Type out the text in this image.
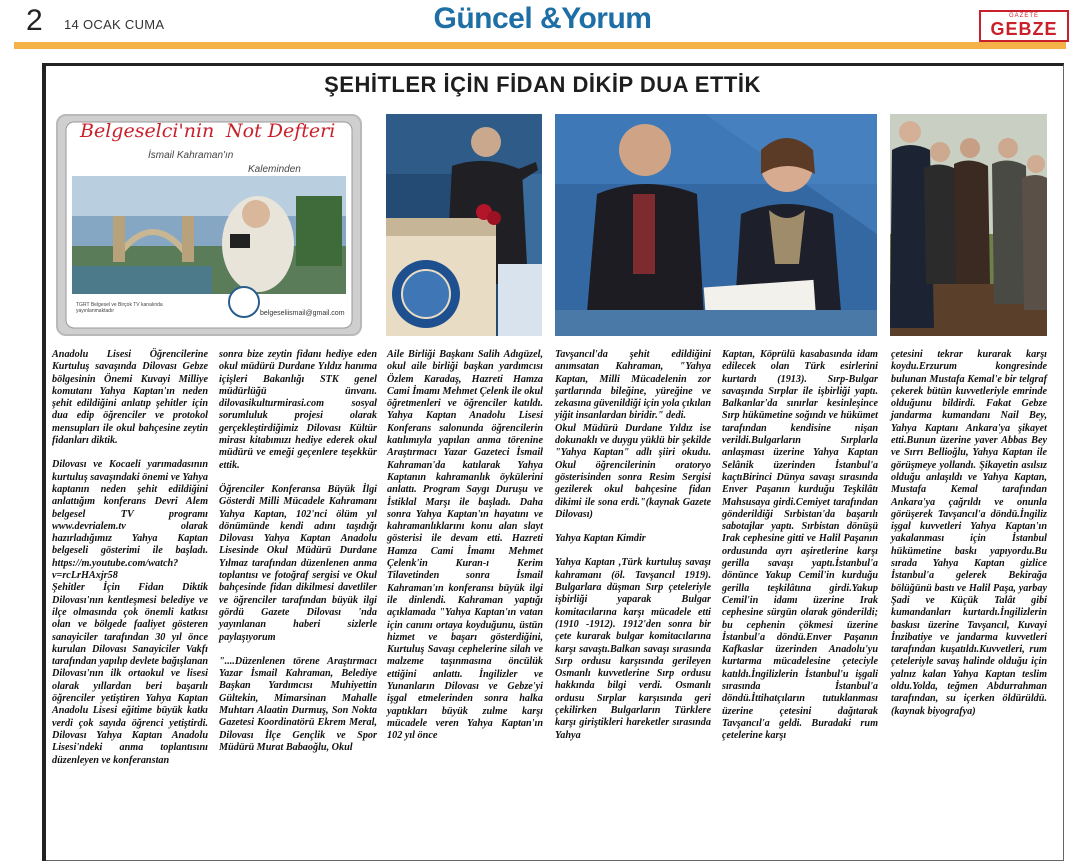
2 14 OCAK CUMA	Güncel &Yorum	GAZETE
GEBZE
ŞEHİTLER İÇİN FİDAN DİKİP DUA ETTİK
Belgeselci'nin Not Defteri
İsmail Kahraman'ın
Kaleminden
TGRT Belgesel ve Birçok TV kanalında yayınlanmaktadır	belgeseliismail@gmail.com

Anadolu Lisesi Öğrencilerine Kurtuluş savaşında Dilovası Gebze bölgesinin Önemi Kuvayi Milliye komutanı Yahya Kaptan'ın neden şehit edildiğini anlatıp şehitler için dua edip öğrenciler ve protokol mensupları ile okul bahçesine zeytin fidanları diktik.

Dilovası ve Kocaeli yarımadasının kurtuluş savaşındaki önemi ve Yahya kaptanın neden şehit edildiğini anlattığım konferans Devri Alem belgesel TV programı www.devrialem.tv olarak hazırladığımız Yahya Kaptan belgeseli gösterimi ile başladı. https://m.youtube.com/watch?v=rcLrHAxjr58

Şehitler İçin Fidan Diktik Dilovası'nın kentleşmesi belediye ve ilçe olmasında çok önemli katkısı olan ve bölgede faaliyet gösteren sanayiciler tarafından 30 yıl önce kurulan Dilovası Sanayiciler Vakfı tarafından yapılıp devlete bağışlanan Dilovası'nın ilk ortaokul ve lisesi olarak yıllardan beri başarılı öğrenciler yetiştiren Yahya Kaptan Anadolu Lisesi eğitime büyük katkı verdi çok sayıda öğrenci yetiştirdi. Dilovası Yahya Kaptan Anadolu Lisesi'ndeki anma toplantısını düzenleyen ve konferanstan

sonra bize zeytin fidanı hediye eden okul müdürü Durdane Yıldız hanıma içişleri Bakanlığı STK genel müdürlüğü ünvanı. dilovasikulturmirasi.com sosyal sorumluluk projesi olarak gerçekleştirdiğimiz Dilovası Kültür mirası kitabımızı hediye ederek okul müdürü ve emeği geçenlere teşekkür ettik.

Öğrenciler Konferansa Büyük İlgi Gösterdi Milli Mücadele Kahramanı Yahya Kaptan, 102'nci ölüm yıl dönümünde kendi adını taşıdığı Dilovası Yahya Kaptan Anadolu Lisesinde Okul Müdürü Durdane Yılmaz tarafından düzenlenen anma toplantısı ve fotoğraf sergisi ve Okul bahçesinde fidan dikilmesi davetliler ve öğrenciler tarafından büyük ilgi gördü Gazete Dilovası 'nda yayınlanan haberi sizlerle paylaşıyorum

"....Düzenlenen törene Araştırmacı Yazar İsmail Kahraman, Belediye Başkan Yardımcısı Muhiyettin Gültekin, Mimarsinan Mahalle Muhtarı Alaatin Durmuş, Son Nokta Gazetesi Koordinatörü Ekrem Meral, Dilovası İlçe Gençlik ve Spor Müdürü Murat Babaoğlu, Okul

Aile Birliği Başkanı Salih Adıgüzel, okul aile birliği başkan yardımcısı Özlem Karadaş, Hazreti Hamza Cami İmamı Mehmet Çelenk ile okul öğretmenleri ve öğrenciler katıldı. Yahya Kaptan Anadolu Lisesi Konferans salonunda öğrencilerin katılımıyla yapılan anma törenine Araştırmacı Yazar Gazeteci İsmail Kahraman'da katılarak Yahya Kaptanın kahramanlık öykülerini anlattı. Program Saygı Duruşu ve İstiklal Marşı ile başladı. Daha sonra Yahya Kaptan'ın hayatını ve kahramanlıklarını konu alan slayt gösterisi ile devam etti. Hazreti Hamza Cami İmamı Mehmet Çelenk'in Kuran-ı Kerim Tilavetinden sonra İsmail Kahraman'ın konferansı büyük ilgi ile dinlendi. Kahraman yaptığı açıklamada "Yahya Kaptan'ın vatan için canını ortaya koyduğunu, üstün hizmet ve başarı gösterdiğini, Kurtuluş Savaşı cephelerine silah ve malzeme taşınmasına öncülük ettiğini anlattı. İngilizler ve Yunanların Dilovası ve Gebze'yi işgal etmelerinden sonra halka yaptıkları büyük zulme karşı mücadele veren Yahya Kaptan'ın 102 yıl önce

Tavşancıl'da şehit edildiğini anımsatan Kahraman, "Yahya Kaptan, Milli Mücadelenin zor şartlarında bileğine, yüreğine ve zekasına güvenildiği için yola çıkılan yiğit insanlardan biridir." dedi.

Okul Müdürü Durdane Yıldız ise dokunaklı ve duygu yüklü bir şekilde "Yahya Kaptan" adlı şiiri okudu. Okul öğrencilerinin oratoryo gösterisinden sonra Resim Sergisi gezilerek okul bahçesine fidan dikimi ile sona erdi."(kaynak Gazete Dilovası)

Yahya Kaptan Kimdir

Yahya Kaptan ,Türk kurtuluş savaşı kahramanı (öl. Tavşancıl 1919). Bulgarlara düşman Sırp çeteleriyle işbirliği yaparak Bulgar komitacılarına karşı mücadele etti (1910 -1912). 1912'den sonra bir çete kurarak bulgar komitacılarına karşı savaştı.Balkan savaşı sırasında Sırp ordusu karşısında gerileyen Osmanlı kuvvetlerine Sırp ordusu hakkında bilgi verdi. Osmanlı ordusu Sırplar karşısında geri çekilirken Bulgarların Türklere karşı giriştikleri hareketler sırasında Yahya

Kaptan, Köprülü kasabasında idam edilecek olan Türk esirlerini kurtardı (1913). Sırp-Bulgar savaşında Sırplar ile işbirliği yaptı. Balkanlar'da sınırlar kesinleşince Sırp hükümetine soğındı ve hükümet tarafından kendisine nişan verildi.Bulgarların Sırplarla anlaşması üzerine Yahya Kaptan Selânik üzerinden İstanbul'a kaçtıBirinci Dünya savaşı sırasında Enver Paşanın kurduğu Teşkilâtı Mahsusaya girdi.Cemiyet tarafından gönderildiği Sırbistan'da başarılı sabotajlar yaptı. Sırbistan dönüşü Irak cephesine gitti ve Halil Paşanın ordusunda ayrı aşiretlerine karşı gerilla savaşı yaptı.İstanbul'a dönünce Yakup Cemil'in kurduğu gerilla teşkilâtına girdi.Yakup Cemil'in idamı üzerine Irak cephesine sürgün olarak gönderildi; bu cephenin çökmesi üzerine İstanbul'a döndü.Enver Paşanın Kafkaslar üzerinden Anadolu'yu kurtarma mücadelesine çeteciyle katıldı.İngilizlerin İstanbul'u işgali sırasında İstanbul'a döndü.İttihatçıların tutuklanması üzerine çetesini dağıtarak Tavşancıl'a geldi. Buradaki rum çetelerine karşı

çetesini tekrar kurarak karşı koydu.Erzurum kongresinde bulunan Mustafa Kemal'e bir telgraf çekerek bütün kuvvetleriyle emrinde olduğunu bildirdi. Fakat Gebze jandarma kumandanı Nail Bey, Yahya Kaptanı Ankara'ya şikayet etti.Bunun üzerine yaver Abbas Bey ve Sırrı Bellioğlu, Yahya Kaptan ile görüşmeye yollandı. Şikayetin asılsız olduğu anlaşıldı ve Yahya Kaptan, Mustafa Kemal tarafından Ankara'ya çağrıldı ve onunla görüşerek Tavşancıl'a döndü.İngiliz işgal kuvvetleri Yahya Kaptan'ın yakalanması için İstanbul hükümetine baskı yapıyordu.Bu sırada Yahya Kaptan gizlice İstanbul'a gelerek Bekirağa bölüğünü bastı ve Halil Paşa, yarbay Şadi ve Küçük Talât gibi kumandanları kurtardı.İngilizlerin baskısı üzerine Tavşancıl, Kuvayi İnzibatiye ve jandarma kuvvetleri tarafından kuşatıldı.Kuvvetleri, rum çeteleriyle savaş halinde olduğu için yalnız kalan Yahya Kaptan teslim oldu.Yolda, teğmen Abdurrahman tarafından, su içerken öldürüldü.(kaynak biyografya)
